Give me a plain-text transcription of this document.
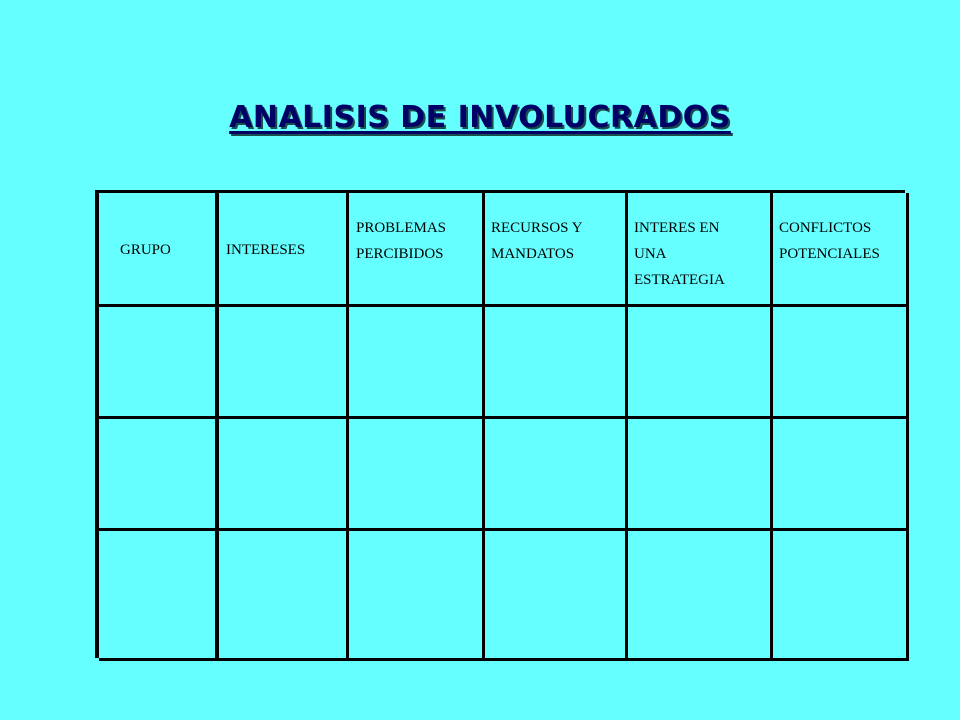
ANALISIS DE INVOLUCRADOS
GRUPO	INTERESES
PROBLEMAS
PERCIBIDOS
RECURSOS Y
MANDATOS
INTERES EN
UNA
ESTRATEGIA
CONFLICTOS
POTENCIALES
